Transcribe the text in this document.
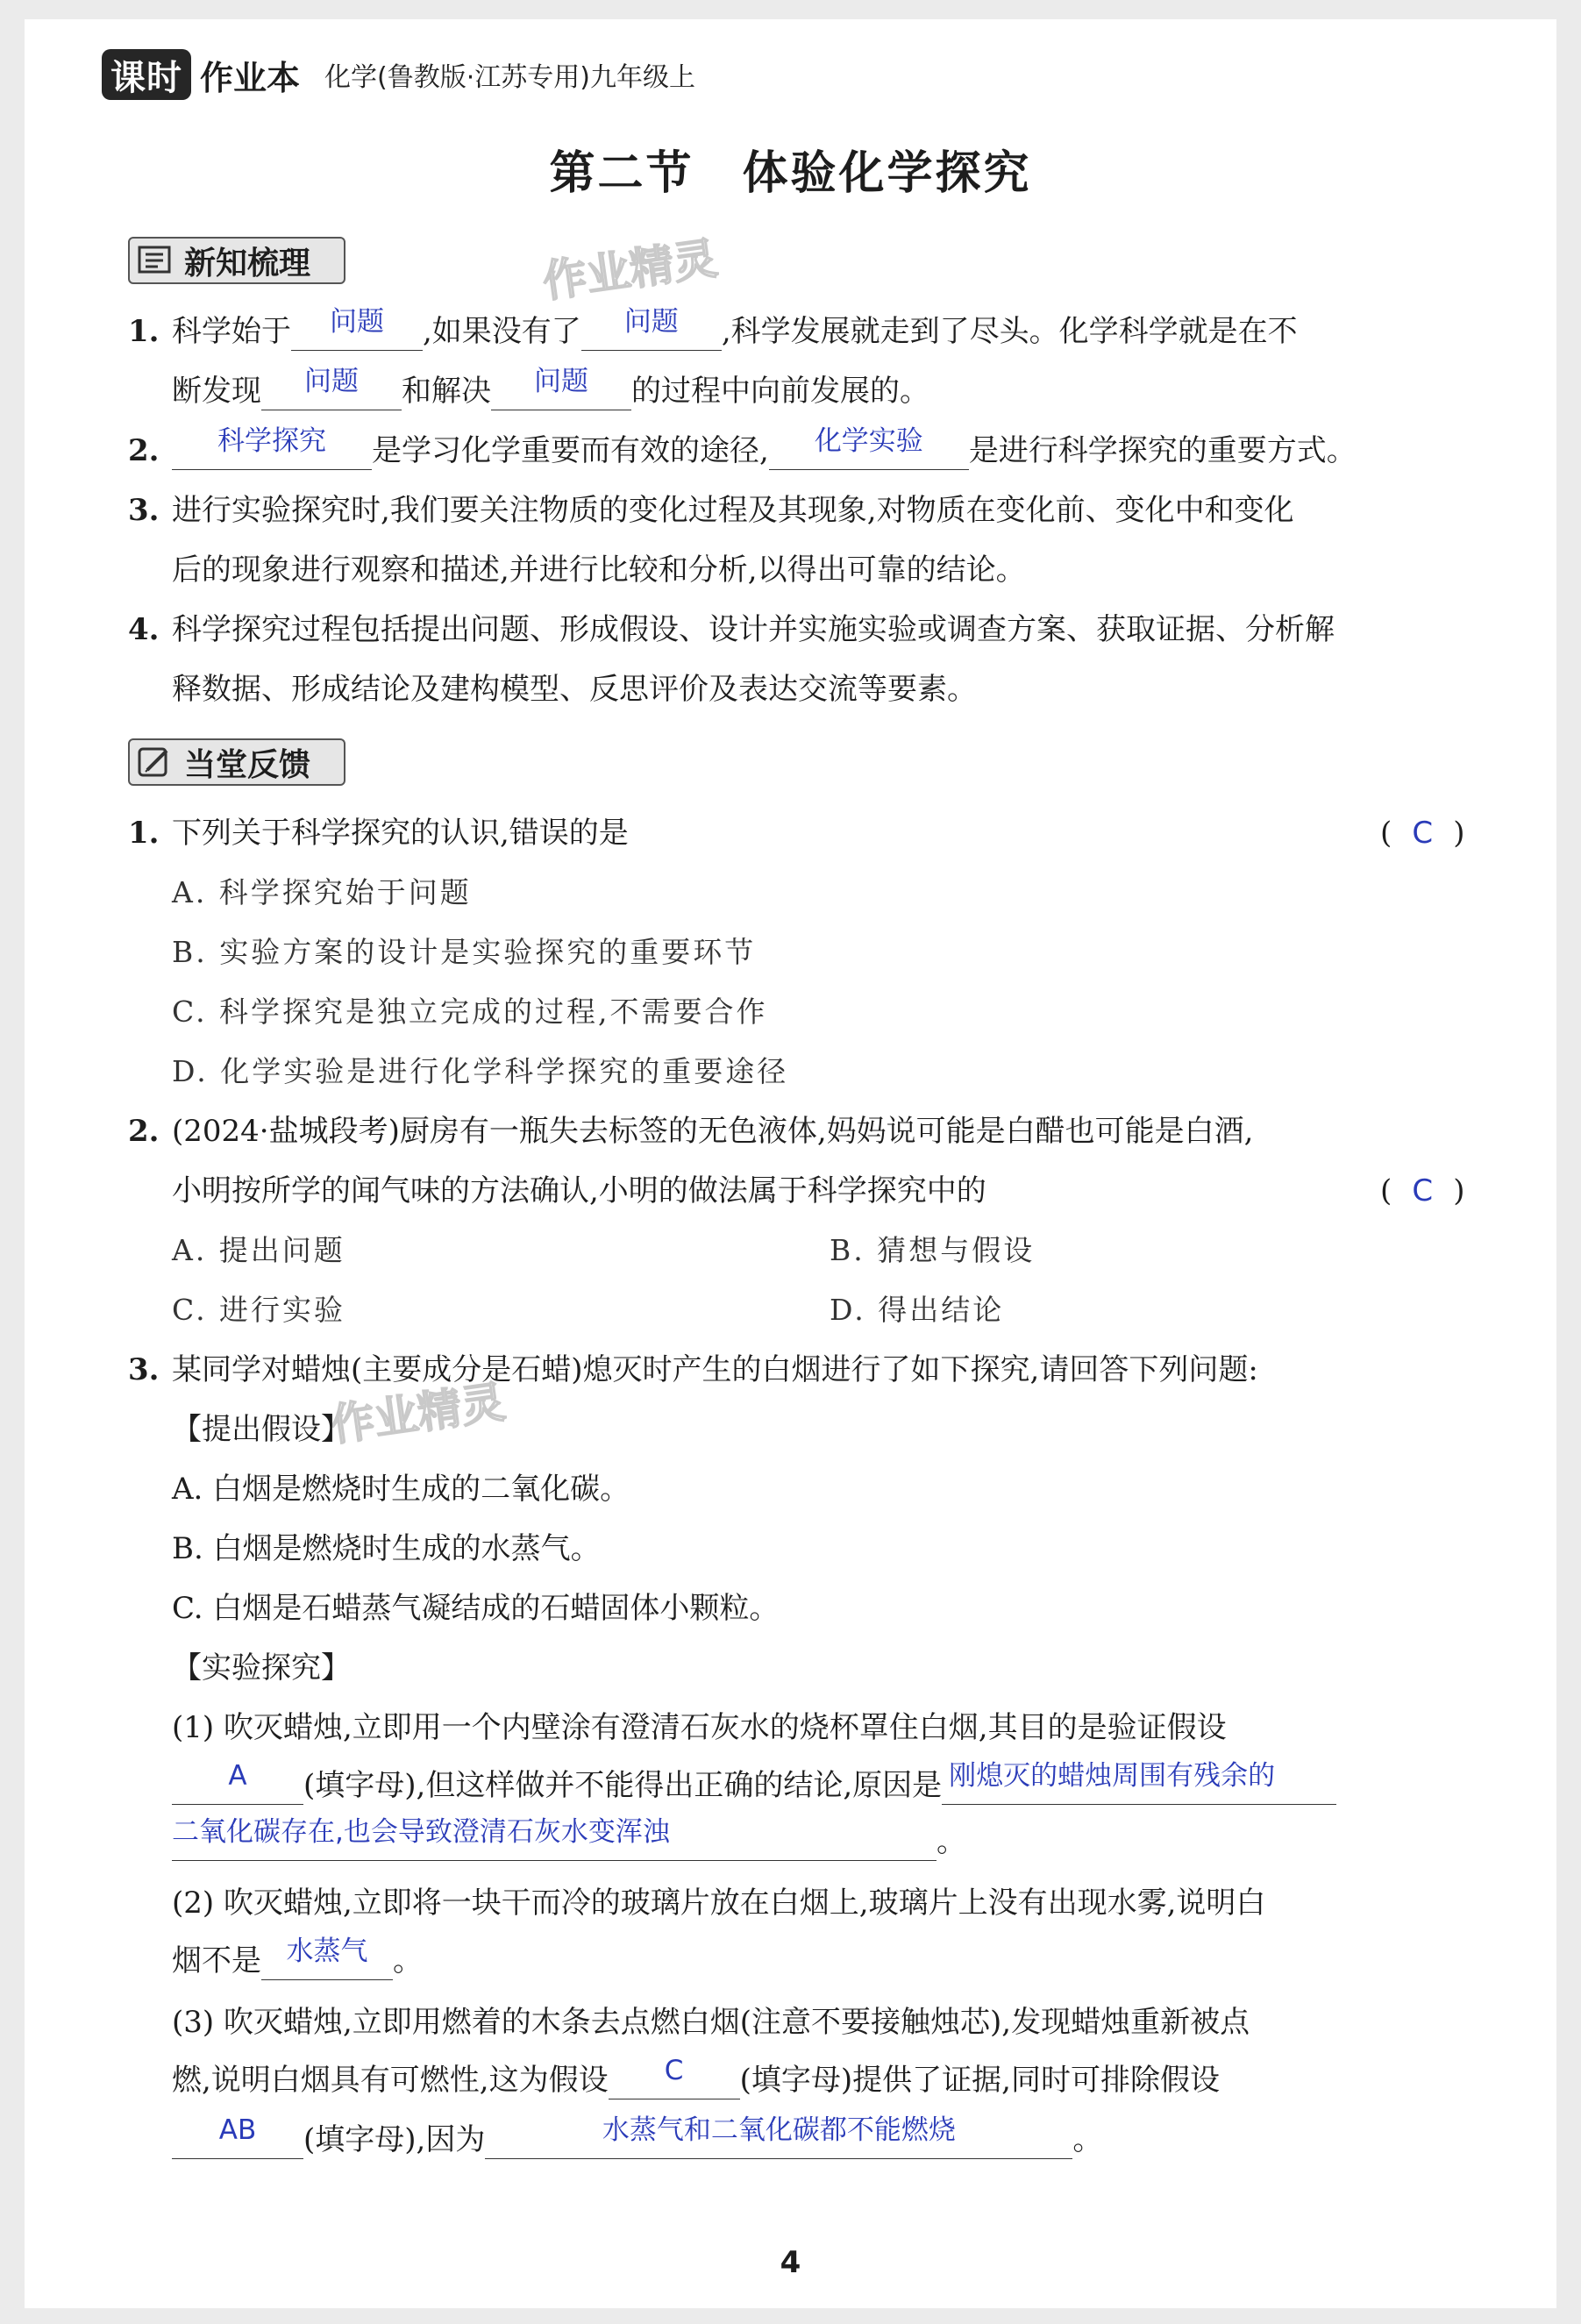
课时 作业本 化学(鲁教版·江苏专用)九年级上
第二节　体验化学探究
新知梳理	作业精灵
1. 科学始于	问题	,如果没有了	问题	,科学发展就走到了尽头。化学科学就是在不
断发现	问题	和解决	问题	的过程中向前发展的。
2.	科学探究	是学习化学重要而有效的途径,	化学实验	是进行科学探究的重要方式。
3. 进行实验探究时,我们要关注物质的变化过程及其现象,对物质在变化前、变化中和变化
后的现象进行观察和描述,并进行比较和分析,以得出可靠的结论。
4. 科学探究过程包括提出问题、形成假设、设计并实施实验或调查方案、获取证据、分析解
释数据、形成结论及建构模型、反思评价及表达交流等要素。
当堂反馈
1. 下列关于科学探究的认识,错误的是	( C )
A. 科学探究始于问题
B. 实验方案的设计是实验探究的重要环节
C. 科学探究是独立完成的过程,不需要合作
D. 化学实验是进行化学科学探究的重要途径
2. (2024·盐城段考)厨房有一瓶失去标签的无色液体,妈妈说可能是白醋也可能是白酒,
小明按所学的闻气味的方法确认,小明的做法属于科学探究中的	( C )
A. 提出问题	B. 猜想与假设
C. 进行实验	D. 得出结论
3. 某同学对蜡烛(主要成分是石蜡)熄灭时产生的白烟进行了如下探究,请回答下列问题:
作业精灵
【提出假设】
A. 白烟是燃烧时生成的二氧化碳。
B. 白烟是燃烧时生成的水蒸气。
C. 白烟是石蜡蒸气凝结成的石蜡固体小颗粒。
【实验探究】
(1) 吹灭蜡烛,立即用一个内壁涂有澄清石灰水的烧杯罩住白烟,其目的是验证假设
A	(填字母),但这样做并不能得出正确的结论,原因是 刚熄灭的蜡烛周围有残余的
二氧化碳存在,也会导致澄清石灰水变浑浊	。
(2) 吹灭蜡烛,立即将一块干而冷的玻璃片放在白烟上,玻璃片上没有出现水雾,说明白
烟不是 水蒸气 。
(3) 吹灭蜡烛,立即用燃着的木条去点燃白烟(注意不要接触烛芯),发现蜡烛重新被点
燃,说明白烟具有可燃性,这为假设	C	(填字母)提供了证据,同时可排除假设
AB	(填字母),因为	水蒸气和二氧化碳都不能燃烧	。
4
